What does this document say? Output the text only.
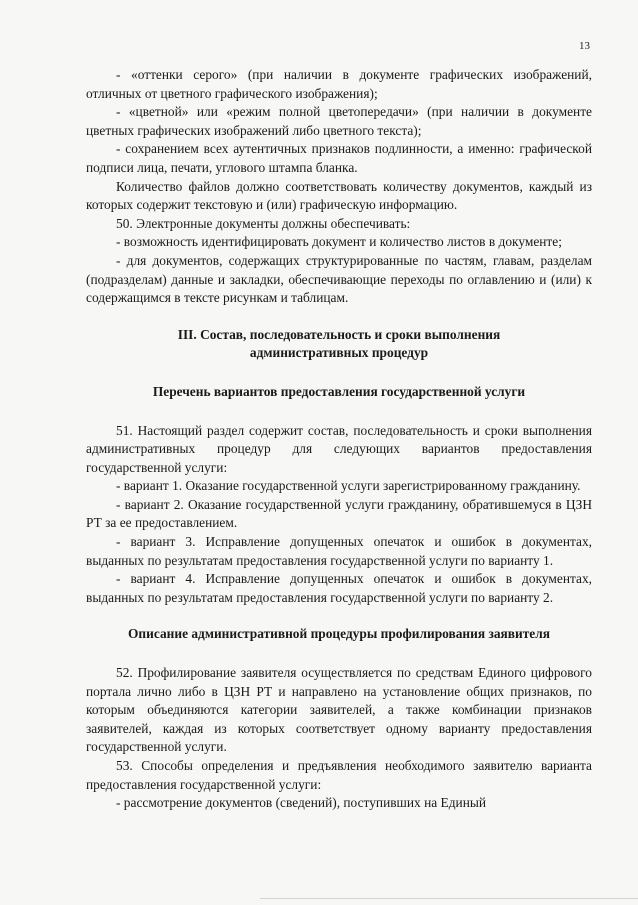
13

- «оттенки серого» (при наличии в документе графических изображений, отличных от цветного графического изображения);

- «цветной» или «режим полной цветопередачи» (при наличии в документе цветных графических изображений либо цветного текста);

- сохранением всех аутентичных признаков подлинности, а именно: графической подписи лица, печати, углового штампа бланка.

Количество файлов должно соответствовать количеству документов, каждый из которых содержит текстовую и (или) графическую информацию.

50. Электронные документы должны обеспечивать:

- возможность идентифицировать документ и количество листов в документе;

- для документов, содержащих структурированные по частям, главам, разделам (подразделам) данные и закладки, обеспечивающие переходы по оглавлению и (или) к содержащимся в тексте рисункам и таблицам.

III. Состав, последовательность и сроки выполнения

административных процедур

Перечень вариантов предоставления государственной услуги

51. Настоящий раздел содержит состав, последовательность и сроки выполнения административных процедур для следующих вариантов предоставления государственной услуги:

- вариант 1. Оказание государственной услуги зарегистрированному гражданину.

- вариант 2. Оказание государственной услуги гражданину, обратившемуся в ЦЗН РТ за ее предоставлением.

- вариант 3. Исправление допущенных опечаток и ошибок в документах, выданных по результатам предоставления государственной услуги по варианту 1.

- вариант 4. Исправление допущенных опечаток и ошибок в документах, выданных по результатам предоставления государственной услуги по варианту 2.

Описание административной процедуры профилирования заявителя

52. Профилирование заявителя осуществляется по средствам Единого цифрового портала лично либо в ЦЗН РТ и направлено на установление общих признаков, по которым объединяются категории заявителей, а также комбинации признаков заявителей, каждая из которых соответствует одному варианту предоставления государственной услуги.

53. Способы определения и предъявления необходимого заявителю варианта предоставления государственной услуги:

- рассмотрение документов (сведений), поступивших на Единый
